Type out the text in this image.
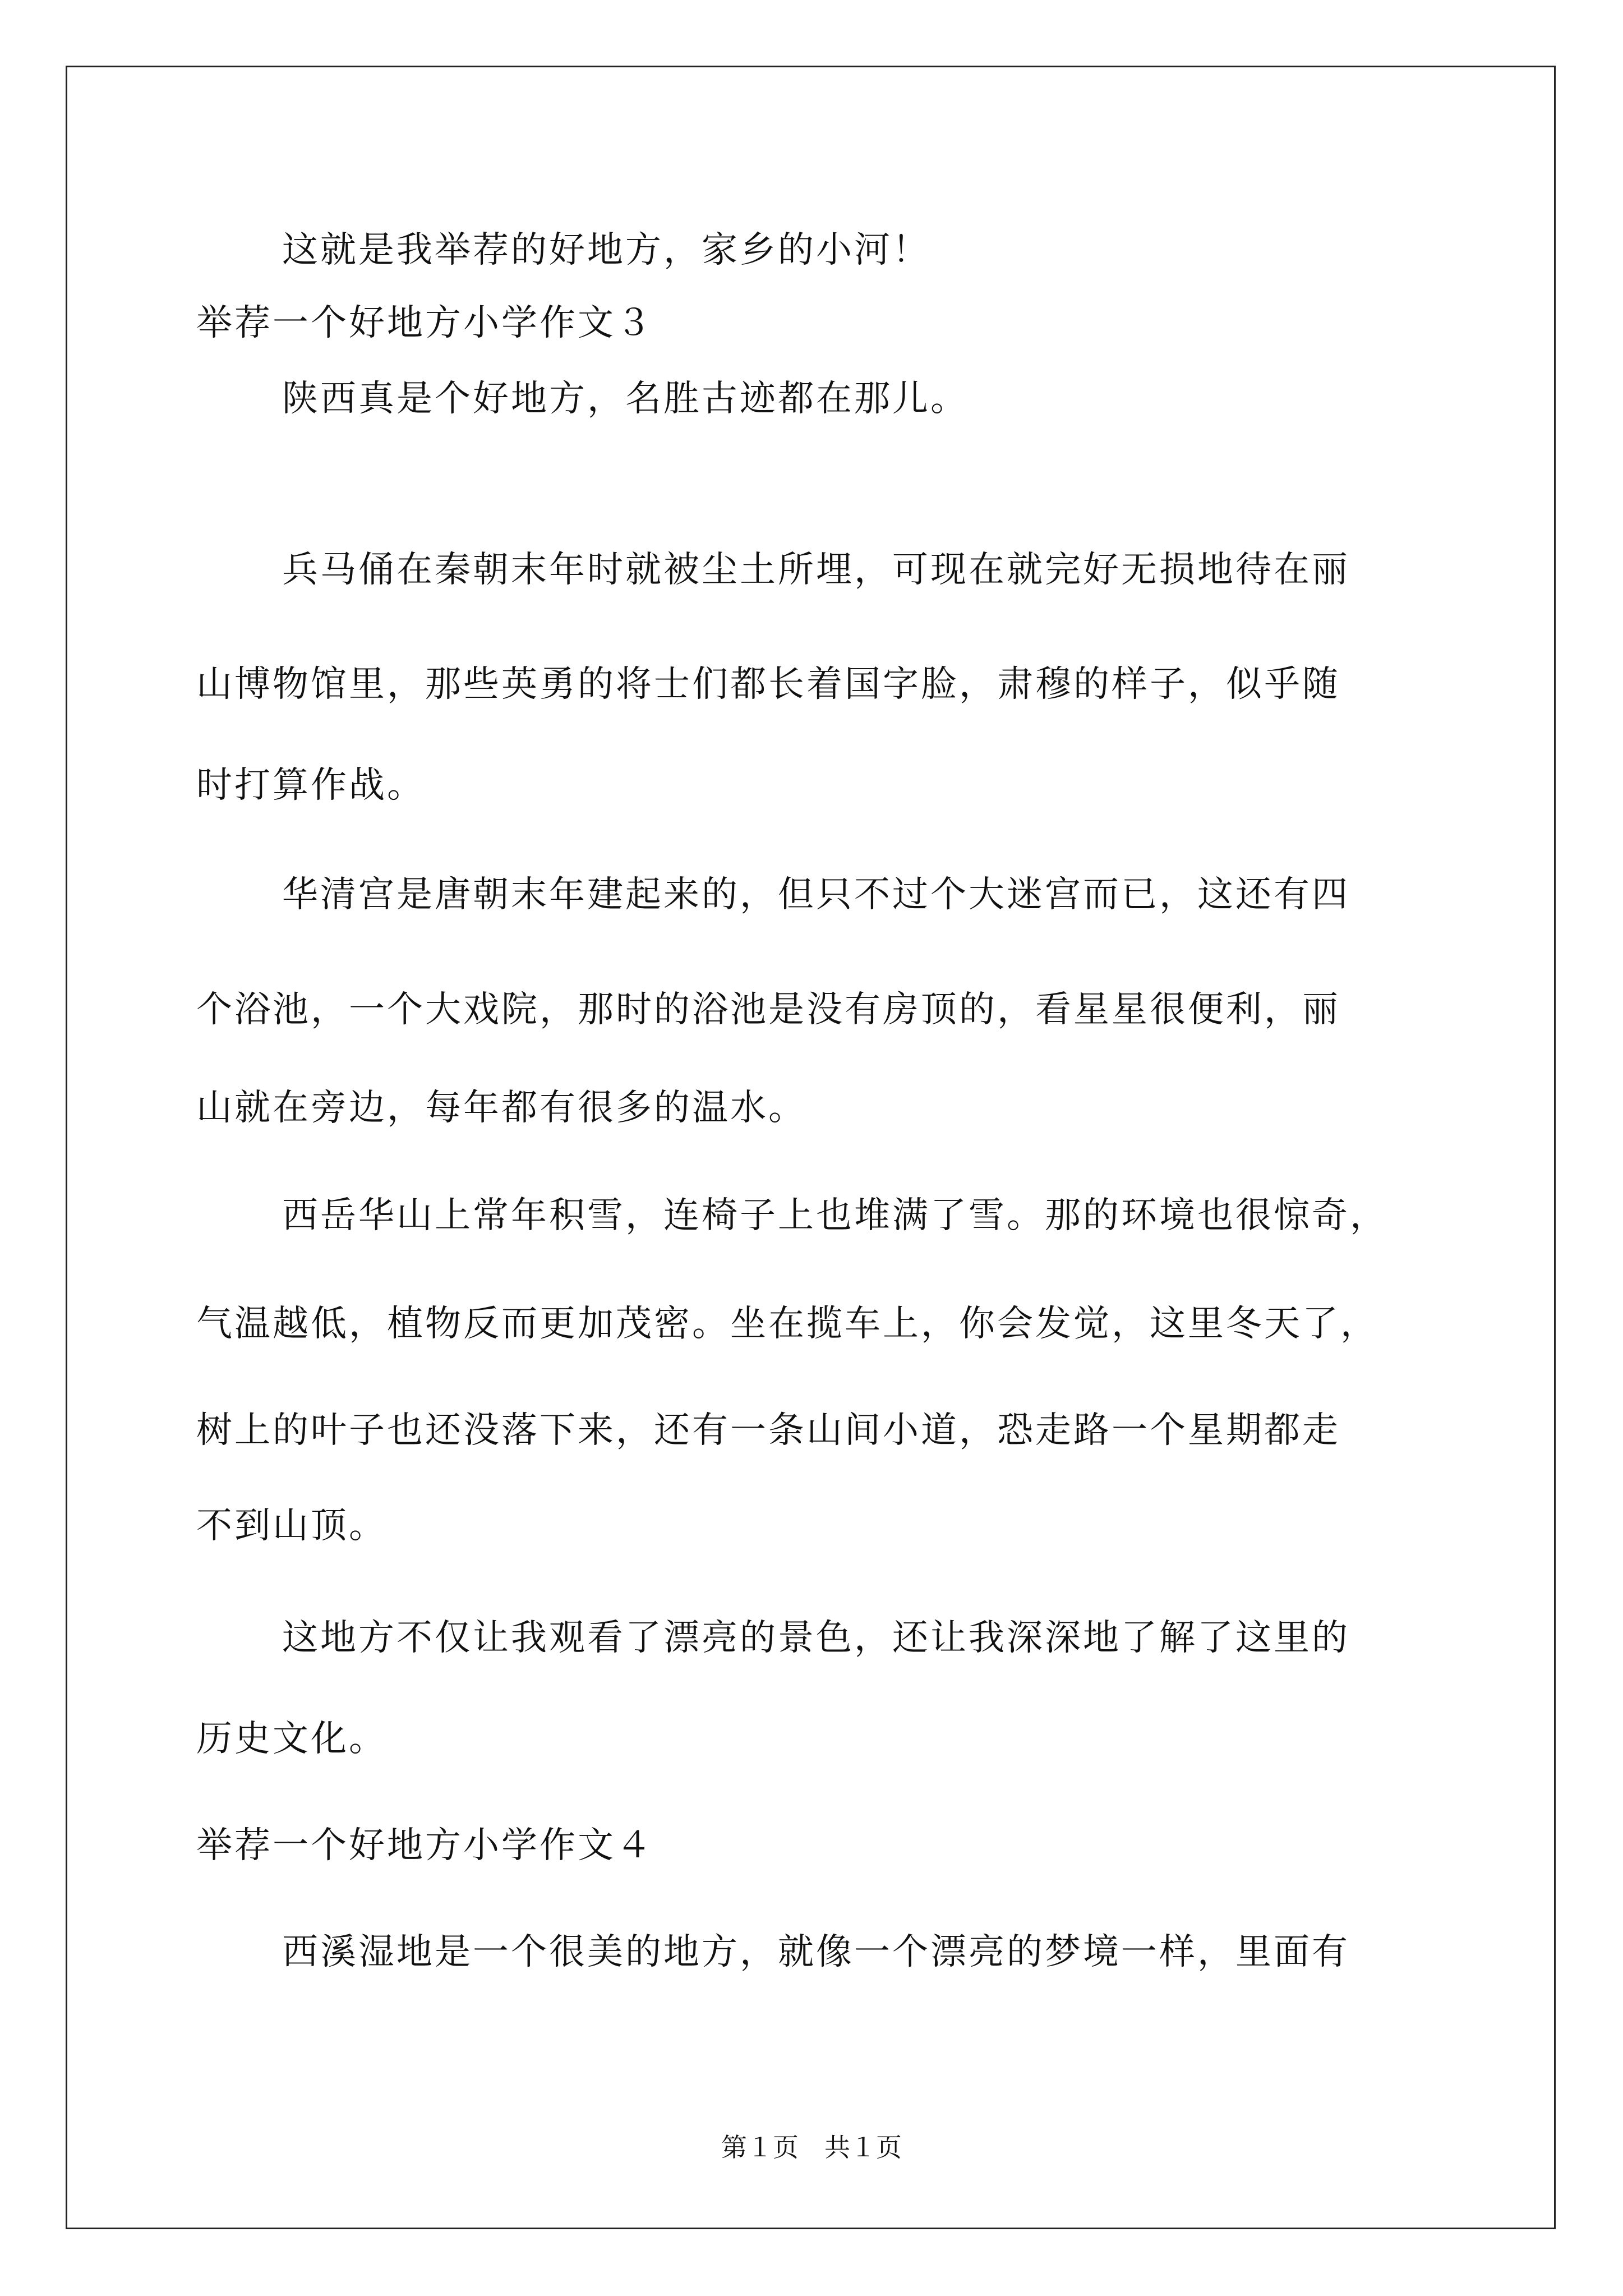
这就是我举荐的好地方，家乡的小河！
举荐一个好地方小学作文３
陕西真是个好地方，名胜古迹都在那儿。
兵马俑在秦朝末年时就被尘土所埋，可现在就完好无损地待在丽
山博物馆里，那些英勇的将士们都长着国字脸，肃穆的样子，似乎随
时打算作战。
华清宫是唐朝末年建起来的，但只不过个大迷宫而已，这还有四
个浴池，一个大戏院，那时的浴池是没有房顶的，看星星很便利，丽
山就在旁边，每年都有很多的温水。
西岳华山上常年积雪，连椅子上也堆满了雪。那的环境也很惊奇，
气温越低，植物反而更加茂密。坐在揽车上，你会发觉，这里冬天了，
树上的叶子也还没落下来，还有一条山间小道，恐走路一个星期都走
不到山顶。
这地方不仅让我观看了漂亮的景色，还让我深深地了解了这里的
历史文化。
举荐一个好地方小学作文４
西溪湿地是一个很美的地方，就像一个漂亮的梦境一样，里面有
第１页　共１页
